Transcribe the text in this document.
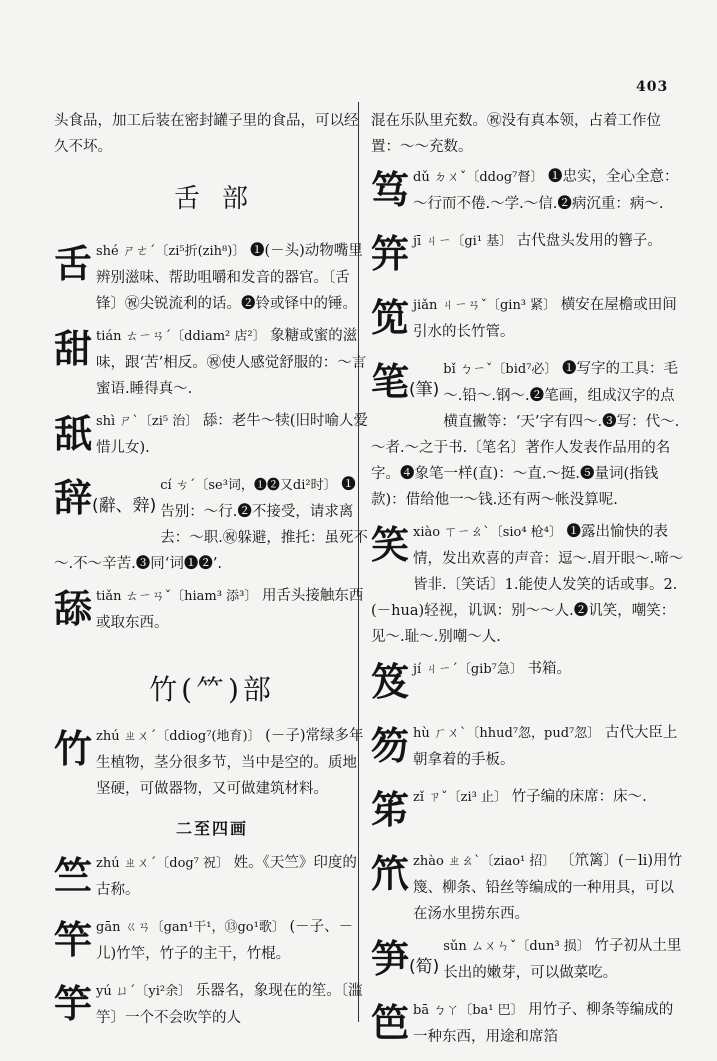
403

头食品，加工后装在密封罐子里的食品，可以经久不坏。

舌部
舌 shé ㄕㄜˊ〔zi⁵折(zih⁸)〕 ❶(－头)动物嘴里辨别滋味、帮助咀嚼和发音的器官。〔舌锋〕㊗尖锐流利的话。❷铃或铎中的锤。
甜 tián ㄊㄧㄢˊ〔ddiam² 店²〕 象糖或蜜的滋味，跟‘苦’相反。㊗使人感觉舒服的：～言蜜语.睡得真～.
舐 shì ㄕˋ〔zi⁵ 治〕 舔：老牛～犊(旧时喻人爱惜儿女).
辞(辭、辤)
cí ㄘˊ〔se³词，❶❷又di²时〕 ❶告别：～行.❷不接受，请求离去：～职.㊗躲避，推托：虽死不～.不～辛苦.❸同‘词❶❷’.
舔 tiǎn ㄊㄧㄢˇ〔hiam³ 添³〕 用舌头接触东西或取东西。
竹(⺮)部
竹 zhú ㄓㄨˊ〔ddiog⁷(地育)〕 (－子)常绿多年生植物，茎分很多节，当中是空的。质地坚硬，可做器物，又可做建筑材料。
二至四画
竺 zhú ㄓㄨˊ〔dog⁷ 祝〕 姓。《天竺》印度的古称。
竿 gān ㄍㄢ〔gan¹干¹，⑬go¹歌〕 (－子、－儿)竹竿，竹子的主干，竹棍。
竽 yú ㄩˊ〔yi²余〕 乐器名，象现在的笙。〔滥竽〕一个不会吹竽的人

混在乐队里充数。㊗没有真本领，占着工作位置：～～充数。

笃 dǔ ㄉㄨˇ〔ddog⁷督〕 ❶忠实，全心全意：～行而不倦.～学.～信.❷病沉重：病～.
笄 jī ㄐㄧ〔gi¹ 基〕 古代盘头发用的簪子。
笕 jiǎn ㄐㄧㄢˇ〔gin³ 紧〕 横安在屋檐或田间引水的长竹管。
笔(筆)
bǐ ㄅㄧˇ〔bid⁷必〕 ❶写字的工具：毛～.铅～.钢～.❷笔画，组成汉字的点横直撇等：‘天’字有四～.❸写：代～.～者.～之于书.〔笔名〕著作人发表作品用的名字。❹象笔一样(直)：～直.～挺.❺量词(指钱款)：借给他一～钱.还有两～帐没算呢.
笑 xiào ㄒㄧㄠˋ〔sio⁴ 枪⁴〕 ❶露出愉快的表情，发出欢喜的声音：逗～.眉开眼～.啼～皆非.〔笑话〕1.能使人发笑的话或事。2.(－hua)轻视，讥讽：别～～人.❷讥笑，嘲笑：见～.耻～.别嘲～人.
笈 jí ㄐㄧˊ〔gib⁷急〕 书箱。
笏 hù ㄏㄨˋ〔hhud⁷忽，pud⁷忽〕 古代大臣上朝拿着的手板。
笫 zǐ ㄗˇ〔zi³ 止〕 竹子编的床席：床～.
笊 zhào ㄓㄠˋ〔ziao¹ 招〕 〔笊篱〕(－li)用竹篾、柳条、铅丝等编成的一种用具，可以在汤水里捞东西。
笋(筍)
sǔn ㄙㄨㄣˇ〔dun³ 损〕 竹子初从土里长出的嫩芽，可以做菜吃。
笆 bā ㄅㄚ〔ba¹ 巴〕 用竹子、柳条等编成的一种东西，用途和席箔
